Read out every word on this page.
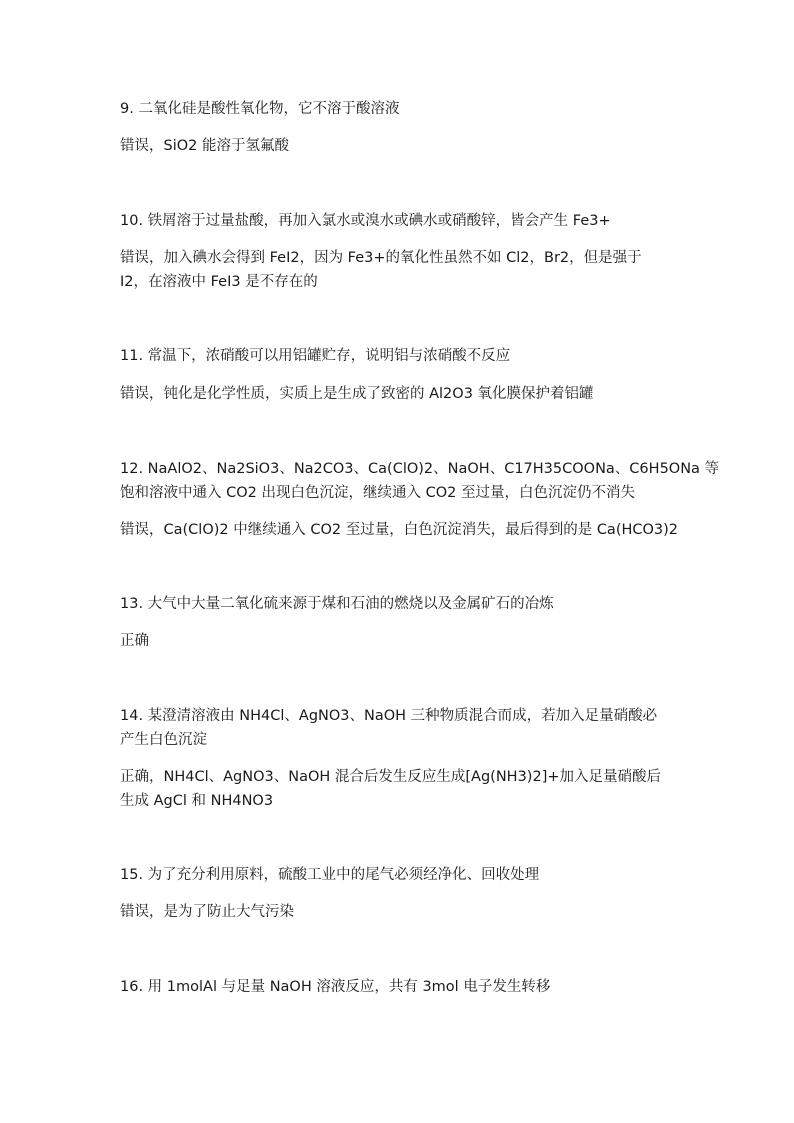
9. 二氧化硅是酸性氧化物，它不溶于酸溶液
错误，SiO2 能溶于氢氟酸
10. 铁屑溶于过量盐酸，再加入氯水或溴水或碘水或硝酸锌，皆会产生 Fe3+
错误，加入碘水会得到 FeI2，因为 Fe3+的氧化性虽然不如 Cl2，Br2，但是强于
I2，在溶液中 FeI3 是不存在的
11. 常温下，浓硝酸可以用铝罐贮存，说明铝与浓硝酸不反应
错误，钝化是化学性质，实质上是生成了致密的 Al2O3 氧化膜保护着铝罐
12. NaAlO2、Na2SiO3、Na2CO3、Ca(ClO)2、NaOH、C17H35COONa、C6H5ONa 等
饱和溶液中通入 CO2 出现白色沉淀，继续通入 CO2 至过量，白色沉淀仍不消失
错误，Ca(ClO)2 中继续通入 CO2 至过量，白色沉淀消失，最后得到的是 Ca(HCO3)2
13. 大气中大量二氧化硫来源于煤和石油的燃烧以及金属矿石的冶炼
正确
14. 某澄清溶液由 NH4Cl、AgNO3、NaOH 三种物质混合而成，若加入足量硝酸必
产生白色沉淀
正确，NH4Cl、AgNO3、NaOH 混合后发生反应生成[Ag(NH3)2]+加入足量硝酸后
生成 AgCl 和 NH4NO3
15. 为了充分利用原料，硫酸工业中的尾气必须经净化、回收处理
错误，是为了防止大气污染
16. 用 1molAl 与足量 NaOH 溶液反应，共有 3mol 电子发生转移
